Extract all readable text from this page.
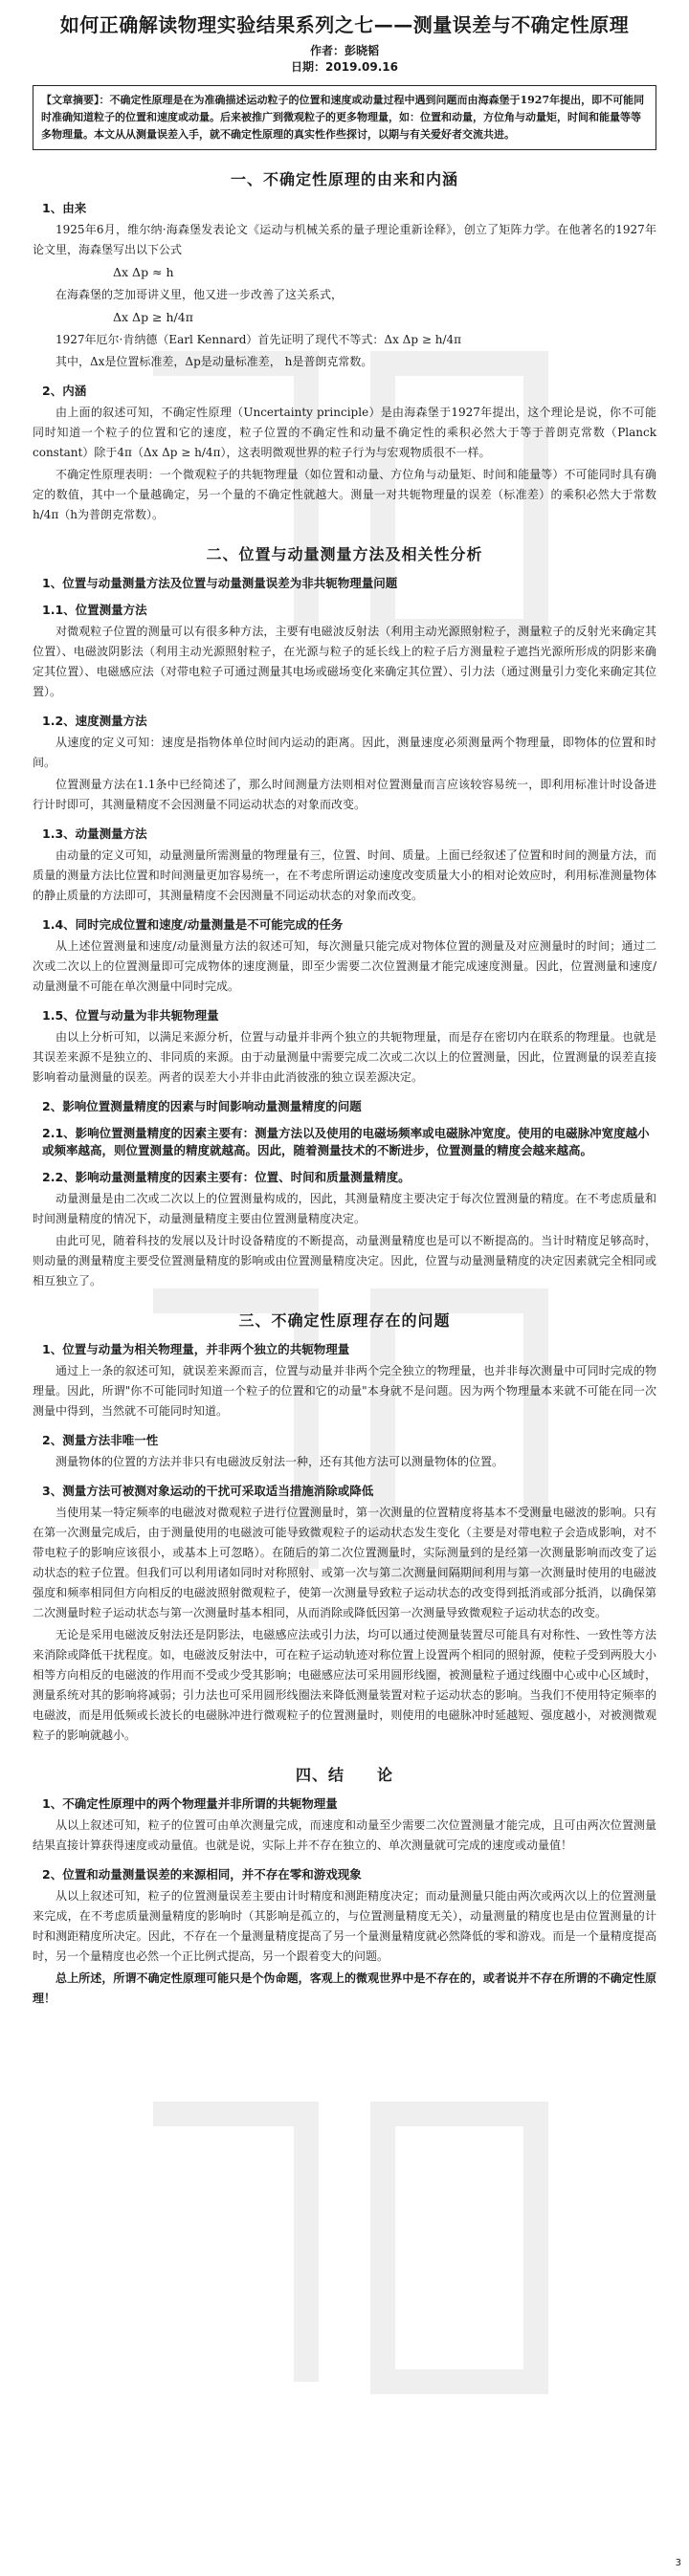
如何正确解读物理实验结果系列之七——测量误差与不确定性原理
作者：彭晓韬
日期：2019.09.16
【文章摘要】：不确定性原理是在为准确描述运动粒子的位置和速度或动量过程中遇到问题而由海森堡于1927年提出，即不可能同时准确知道粒子的位置和速度或动量。后来被推广到微观粒子的更多物理量，如：位置和动量，方位角与动量矩，时间和能量等等多物理量。本文从从测量误差入手，就不确定性原理的真实性作些探讨，以期与有关爱好者交流共进。
一、不确定性原理的由来和内涵
1、由来
1925年6月，维尔纳·海森堡发表论文《运动与机械关系的量子理论重新诠释》，创立了矩阵力学。在他著名的1927年论文里，海森堡写出以下公式
Δx Δp ≈ h
在海森堡的芝加哥讲义里，他又进一步改善了这关系式，
Δx Δp ≥ h/4π
1927年厄尔·肯纳德（Earl Kennard）首先证明了现代不等式：Δx Δp ≥ h/4π
其中，Δx是位置标准差，Δp是动量标准差， h是普朗克常数。
2、内涵
由上面的叙述可知，不确定性原理（Uncertainty principle）是由海森堡于1927年提出，这个理论是说，你不可能同时知道一个粒子的位置和它的速度，粒子位置的不确定性和动量不确定性的乘积必然大于等于普朗克常数（Planck constant）除于4π（Δx Δp ≥ h/4π），这表明微观世界的粒子行为与宏观物质很不一样。
不确定性原理表明：一个微观粒子的共轭物理量（如位置和动量、方位角与动量矩、时间和能量等）不可能同时具有确定的数值，其中一个量越确定，另一个量的不确定性就越大。测量一对共轭物理量的误差（标准差）的乘积必然大于常数h/4π（h为普朗克常数）。
二、位置与动量测量方法及相关性分析
1、位置与动量测量方法及位置与动量测量误差为非共轭物理量问题
1.1、位置测量方法
对微观粒子位置的测量可以有很多种方法，主要有电磁波反射法（利用主动光源照射粒子，测量粒子的反射光来确定其位置）、电磁波阴影法（利用主动光源照射粒子，在光源与粒子的延长线上的粒子后方测量粒子遮挡光源所形成的阴影来确定其位置）、电磁感应法（对带电粒子可通过测量其电场或磁场变化来确定其位置）、引力法（通过测量引力变化来确定其位置）。
1.2、速度测量方法
从速度的定义可知：速度是指物体单位时间内运动的距离。因此，测量速度必须测量两个物理量，即物体的位置和时间。
位置测量方法在1.1条中已经简述了，那么时间测量方法则相对位置测量而言应该较容易统一，即利用标准计时设备进行计时即可，其测量精度不会因测量不同运动状态的对象而改变。
1.3、动量测量方法
由动量的定义可知，动量测量所需测量的物理量有三，位置、时间、质量。上面已经叙述了位置和时间的测量方法，而质量的测量方法比位置和时间测量更加容易统一，在不考虑所谓运动速度改变质量大小的相对论效应时，利用标准测量物体的静止质量的方法即可，其测量精度不会因测量不同运动状态的对象而改变。
1.4、同时完成位置和速度/动量测量是不可能完成的任务
从上述位置测量和速度/动量测量方法的叙述可知，每次测量只能完成对物体位置的测量及对应测量时的时间；通过二次或二次以上的位置测量即可完成物体的速度测量，即至少需要二次位置测量才能完成速度测量。因此，位置测量和速度/动量测量不可能在单次测量中同时完成。
1.5、位置与动量为非共轭物理量
由以上分析可知，以满足来源分析，位置与动量并非两个独立的共轭物理量，而是存在密切内在联系的物理量。也就是其误差来源不是独立的、非同质的来源。由于动量测量中需要完成二次或二次以上的位置测量，因此，位置测量的误差直接影响着动量测量的误差。两者的误差大小并非由此消彼涨的独立误差源决定。
2、影响位置测量精度的因素与时间影响动量测量精度的问题
2.1、影响位置测量精度的因素主要有：测量方法以及使用的电磁场频率或电磁脉冲宽度。使用的电磁脉冲宽度越小或频率越高，则位置测量的精度就越高。因此，随着测量技术的不断进步，位置测量的精度会越来越高。
2.2、影响动量测量精度的因素主要有：位置、时间和质量测量精度。
动量测量是由二次或二次以上的位置测量构成的，因此，其测量精度主要决定于每次位置测量的精度。在不考虑质量和时间测量精度的情况下，动量测量精度主要由位置测量精度决定。
由此可见，随着科技的发展以及计时设备精度的不断提高，动量测量精度也是可以不断提高的。当计时精度足够高时，则动量的测量精度主要受位置测量精度的影响或由位置测量精度决定。因此，位置与动量测量精度的决定因素就完全相同或相互独立了。
三、不确定性原理存在的问题
1、位置与动量为相关物理量，并非两个独立的共轭物理量
通过上一条的叙述可知，就误差来源而言，位置与动量并非两个完全独立的物理量，也并非每次测量中可同时完成的物理量。因此，所谓"你不可能同时知道一个粒子的位置和它的动量"本身就不是问题。因为两个物理量本来就不可能在同一次测量中得到，当然就不可能同时知道。
2、测量方法非唯一性
测量物体的位置的方法并非只有电磁波反射法一种，还有其他方法可以测量物体的位置。
3、测量方法可被测对象运动的干扰可采取适当措施消除或降低
当使用某一特定频率的电磁波对微观粒子进行位置测量时，第一次测量的位置精度将基本不受测量电磁波的影响。只有在第一次测量完成后，由于测量使用的电磁波可能导致微观粒子的运动状态发生变化（主要是对带电粒子会造成影响，对不带电粒子的影响应该很小，或基本上可忽略）。在随后的第二次位置测量时，实际测量到的是经第一次测量影响而改变了运动状态的粒子位置。但我们可以利用诸如同时对称照射、或第一次与第二次测量间隔期间利用与第一次测量时使用的电磁波强度和频率相同但方向相反的电磁波照射微观粒子，使第一次测量导致粒子运动状态的改变得到抵消或部分抵消，以确保第二次测量时粒子运动状态与第一次测量时基本相同，从而消除或降低因第一次测量导致微观粒子运动状态的改变。
无论是采用电磁波反射法还是阴影法，电磁感应法或引力法，均可以通过使测量装置尽可能具有对称性、一致性等方法来消除或降低干扰程度。如，电磁波反射法中，可在粒子运动轨迹对称位置上设置两个相同的照射源，使粒子受到两股大小相等方向相反的电磁波的作用而不受或少受其影响；电磁感应法可采用圆形线圈，被测量粒子通过线圈中心或中心区域时，测量系统对其的影响将减弱；引力法也可采用圆形线圈法来降低测量装置对粒子运动状态的影响。当我们不使用特定频率的电磁波，而是用低频或长波长的电磁脉冲进行微观粒子的位置测量时，则使用的电磁脉冲时延越短、强度越小，对被测微观粒子的影响就越小。
四、结　　论
1、不确定性原理中的两个物理量并非所谓的共轭物理量
从以上叙述可知，粒子的位置可由单次测量完成，而速度和动量至少需要二次位置测量才能完成，且可由两次位置测量结果直接计算获得速度或动量值。也就是说，实际上并不存在独立的、单次测量就可完成的速度或动量值！
2、位置和动量测量误差的来源相同，并不存在零和游戏现象
从以上叙述可知，粒子的位置测量误差主要由计时精度和测距精度决定；而动量测量只能由两次或两次以上的位置测量来完成，在不考虑质量测量精度的影响时（其影响是孤立的，与位置测量精度无关），动量测量的精度也是由位置测量的计时和测距精度所决定。因此，不存在一个量测量精度提高了另一个量测量精度就必然降低的零和游戏。而是一个量精度提高时，另一个量精度也必然一个正比例式提高，另一个跟着变大的问题。
总上所述，所谓不确定性原理可能只是个伪命题，客观上的微观世界中是不存在的，或者说并不存在所谓的不确定性原理！
3
